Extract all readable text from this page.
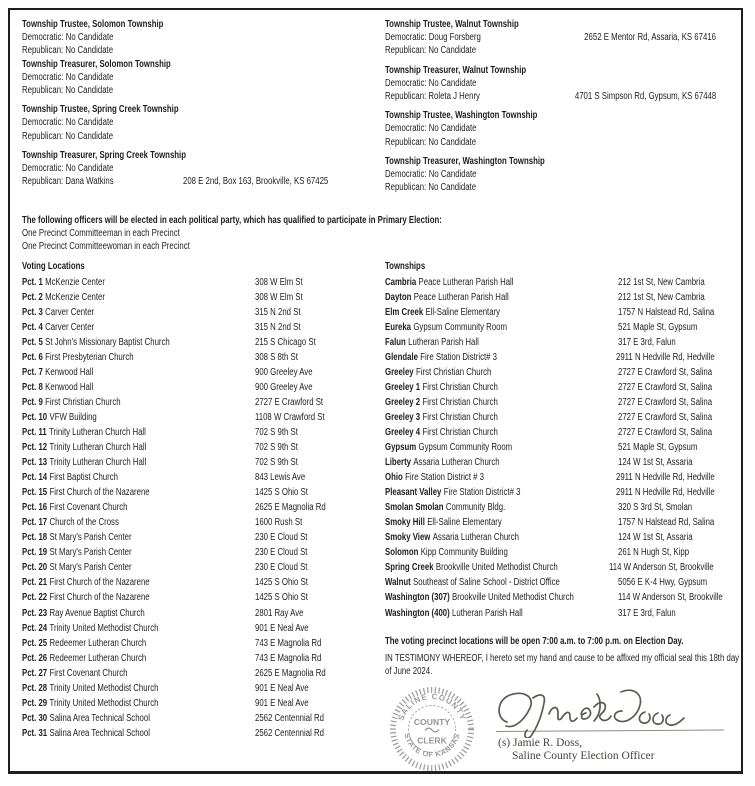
Township Trustee, Solomon Township
Democratic: No Candidate
Republican: No Candidate
Township Treasurer, Solomon Township
Democratic: No Candidate
Republican: No Candidate
Township Trustee, Spring Creek Township
Democratic: No Candidate
Republican: No Candidate
Township Treasurer, Spring Creek Township
Democratic: No Candidate
Republican: Dana Watkins	208 E 2nd, Box 163, Brookville, KS 67425
Township Trustee, Walnut Township
Democratic: Doug Forsberg	2652 E Mentor Rd, Assaria, KS 67416
Republican: No Candidate
Township Treasurer, Walnut Township
Democratic: No Candidate
Republican: Roleta J Henry	4701 S Simpson Rd, Gypsum, KS 67448
Township Trustee, Washington Township
Democratic: No Candidate
Republican: No Candidate
Township Treasurer, Washington Township
Democratic: No Candidate
Republican: No Candidate
The following officers will be elected in each political party, which has qualified to participate in Primary Election:
One Precinct Committeeman in each Precinct
One Precinct Committeewoman in each Precinct
Voting Locations
Pct. 1 McKenzie Center	308 W Elm St
Pct. 2 McKenzie Center	308 W Elm St
Pct. 3 Carver Center	315 N 2nd St
Pct. 4 Carver Center	315 N 2nd St
Pct. 5 St John's Missionary Baptist Church	215 S Chicago St
Pct. 6 First Presbyterian Church	308 S 8th St
Pct. 7 Kenwood Hall	900 Greeley Ave
Pct. 8 Kenwood Hall	900 Greeley Ave
Pct. 9 First Christian Church	2727 E Crawford St
Pct. 10 VFW Building	1108 W Crawford St
Pct. 11 Trinity Lutheran Church Hall	702 S 9th St
Pct. 12 Trinity Lutheran Church Hall	702 S 9th St
Pct. 13 Trinity Lutheran Church Hall	702 S 9th St
Pct. 14 First Baptist Church	843 Lewis Ave
Pct. 15 First Church of the Nazarene	1425 S Ohio St
Pct. 16 First Covenant Church	2625 E Magnolia Rd
Pct. 17 Church of the Cross	1600 Rush St
Pct. 18 St Mary's Parish Center	230 E Cloud St
Pct. 19 St Mary's Parish Center	230 E Cloud St
Pct. 20 St Mary's Parish Center	230 E Cloud St
Pct. 21 First Church of the Nazarene	1425 S Ohio St
Pct. 22 First Church of the Nazarene	1425 S Ohio St
Pct. 23 Ray Avenue Baptist Church	2801 Ray Ave
Pct. 24 Trinity United Methodist Church	901 E Neal Ave
Pct. 25 Redeemer Lutheran Church	743 E Magnolia Rd
Pct. 26 Redeemer Lutheran Church	743 E Magnolia Rd
Pct. 27 First Covenant Church	2625 E Magnolia Rd
Pct. 28 Trinity United Methodist Church	901 E Neal Ave
Pct. 29 Trinity United Methodist Church	901 E Neal Ave
Pct. 30 Salina Area Technical School	2562 Centennial Rd
Pct. 31 Salina Area Technical School	2562 Centennial Rd
Townships
Cambria Peace Lutheran Parish Hall	212 1st St, New Cambria
Dayton Peace Lutheran Parish Hall	212 1st St, New Cambria
Elm Creek Ell-Saline Elementary	1757 N Halstead Rd, Salina
Eureka Gypsum Community Room	521 Maple St, Gypsum
Falun Lutheran Parish Hall	317 E 3rd, Falun
Glendale Fire Station District# 3	2911 N Hedville Rd, Hedville
Greeley First Christian Church	2727 E Crawford St, Salina
Greeley 1 First Christian Church	2727 E Crawford St, Salina
Greeley 2 First Christian Church	2727 E Crawford St, Salina
Greeley 3 First Christian Church	2727 E Crawford St, Salina
Greeley 4 First Christian Church	2727 E Crawford St, Salina
Gypsum Gypsum Community Room	521 Maple St, Gypsum
Liberty Assaria Lutheran Church	124 W 1st St, Assaria
Ohio Fire Station District # 3	2911 N Hedville Rd, Hedville
Pleasant Valley Fire Station District# 3	2911 N Hedville Rd, Hedville
Smolan Smolan Community Bldg.	320 S 3rd St, Smolan
Smoky Hill Ell-Saline Elementary	1757 N Halstead Rd, Salina
Smoky View Assaria Lutheran Church	124 W 1st St, Assaria
Solomon Kipp Community Building	261 N Hugh St, Kipp
Spring Creek Brookville United Methodist Church	114 W Anderson St, Brookville
Walnut Southeast of Saline School - District Office	5056 E K-4 Hwy, Gypsum
Washington (307) Brookville United Methodist Church	114 W Anderson St, Brookville
Washington (400) Lutheran Parish Hall	317 E 3rd, Falun
The voting precinct locations will be open 7:00 a.m. to 7:00 p.m. on Election Day.
IN TESTIMONY WHEREOF, I hereto set my hand and cause to be affixed my official seal this 18th day of June 2024.
SALINE COUNTY
STATE OF KANSAS
COUNTY
CLERK	(s) Jamie R. Doss,
Saline County Election Officer
